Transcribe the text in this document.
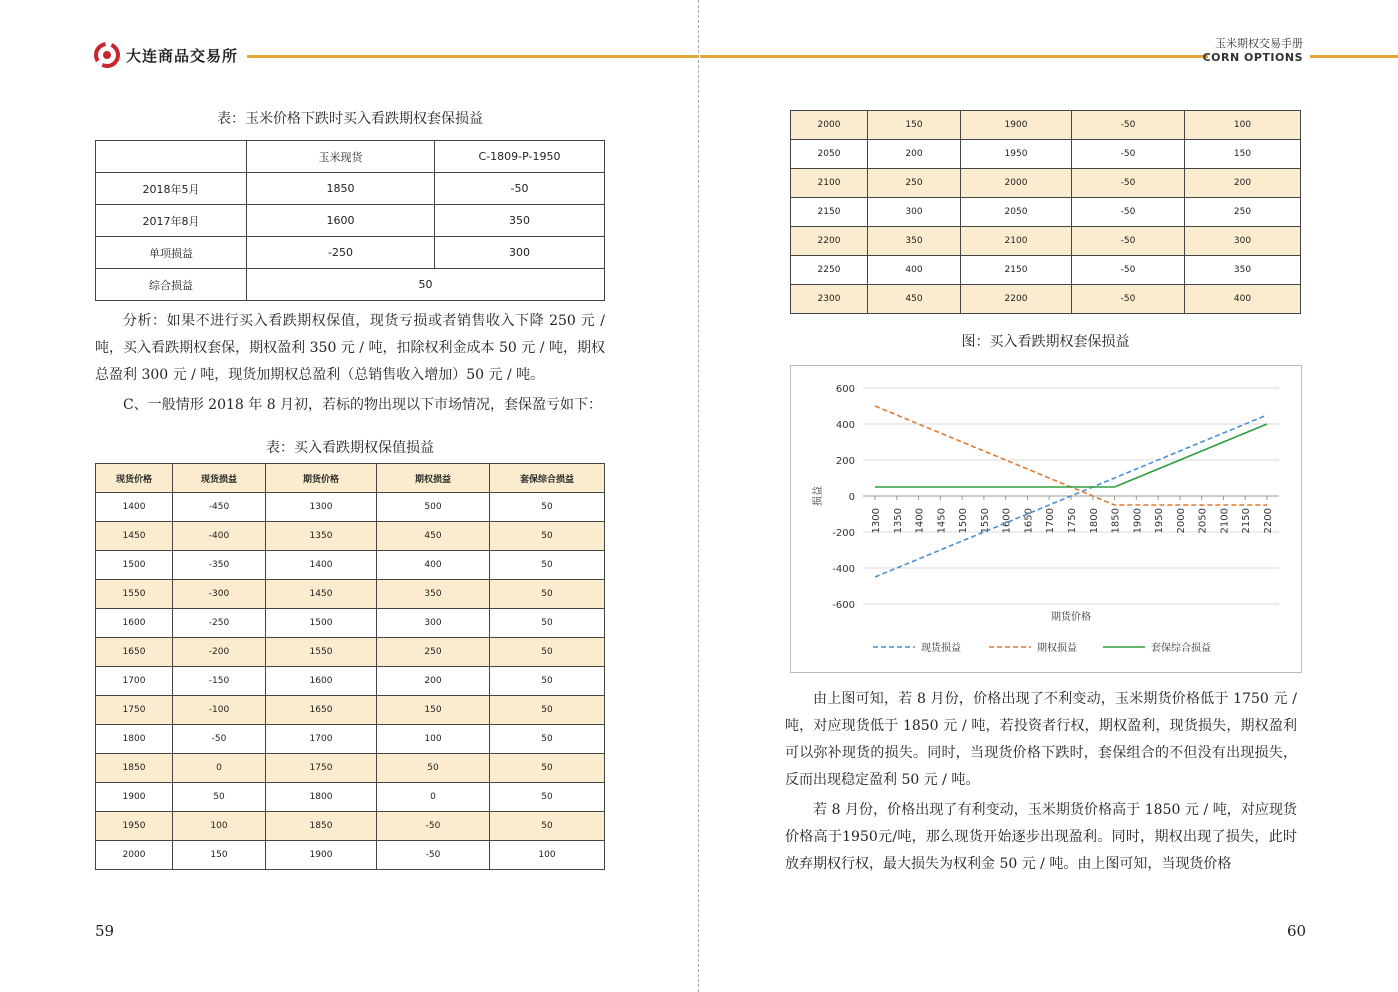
大连商品交易所
表：玉米价格下跌时买入看跌期权套保损益
	玉米现货	C-1809-P-1950
2018年5月	1850	-50
2017年8月	1600	350
单项损益	-250	300
综合损益	50	
分析：如果不进行买入看跌期权保值，现货亏损或者销售收入下降 250 元 / 吨，买入看跌期权套保，期权盈利 350 元 / 吨，扣除权利金成本 50 元 / 吨，期权总盈利 300 元 / 吨，现货加期权总盈利（总销售收入增加）50 元 / 吨。
C、一般情形 2018 年 8 月初，若标的物出现以下市场情况，套保盈亏如下：
表：买入看跌期权保值损益
现货价格	现货损益	期货价格	期权损益	套保综合损益
1400	-450	1300	500	50
1450	-400	1350	450	50
1500	-350	1400	400	50
1550	-300	1450	350	50
1600	-250	1500	300	50
1650	-200	1550	250	50
1700	-150	1600	200	50
1750	-100	1650	150	50
1800	-50	1700	100	50
1850	0	1750	50	50
1900	50	1800	0	50
1950	100	1850	-50	50
2000	150	1900	-50	100
59
玉米期权交易手册
CORN OPTIONS
2000	150	1900	-50	100
2050	200	1950	-50	150
2100	250	2000	-50	200
2150	300	2050	-50	250
2200	350	2100	-50	300
2250	400	2150	-50	350
2300	450	2200	-50	400
图：买入看跌期权套保损益
-600
-400
-200
0
200
400
600
1300 1350 1400 1450 1500 1550 1600 1650 1700 1750 1800 1850 1900 1950 2000 2050 2100 2150 2200
损益
期货价格
现货损益	期权损益	套保综合损益
由上图可知，若 8 月份，价格出现了不利变动，玉米期货价格低于 1750 元 / 吨，对应现货低于 1850 元 / 吨，若投资者行权，期权盈利，现货损失，期权盈利可以弥补现货的损失。同时，当现货价格下跌时，套保组合的不但没有出现损失，反而出现稳定盈利 50 元 / 吨。
若 8 月份，价格出现了有利变动，玉米期货价格高于 1850 元 / 吨，对应现货价格高于1950元/吨，那么现货开始逐步出现盈利。同时，期权出现了损失，此时放弃期权行权，最大损失为权利金 50 元 / 吨。由上图可知，当现货价格
60
